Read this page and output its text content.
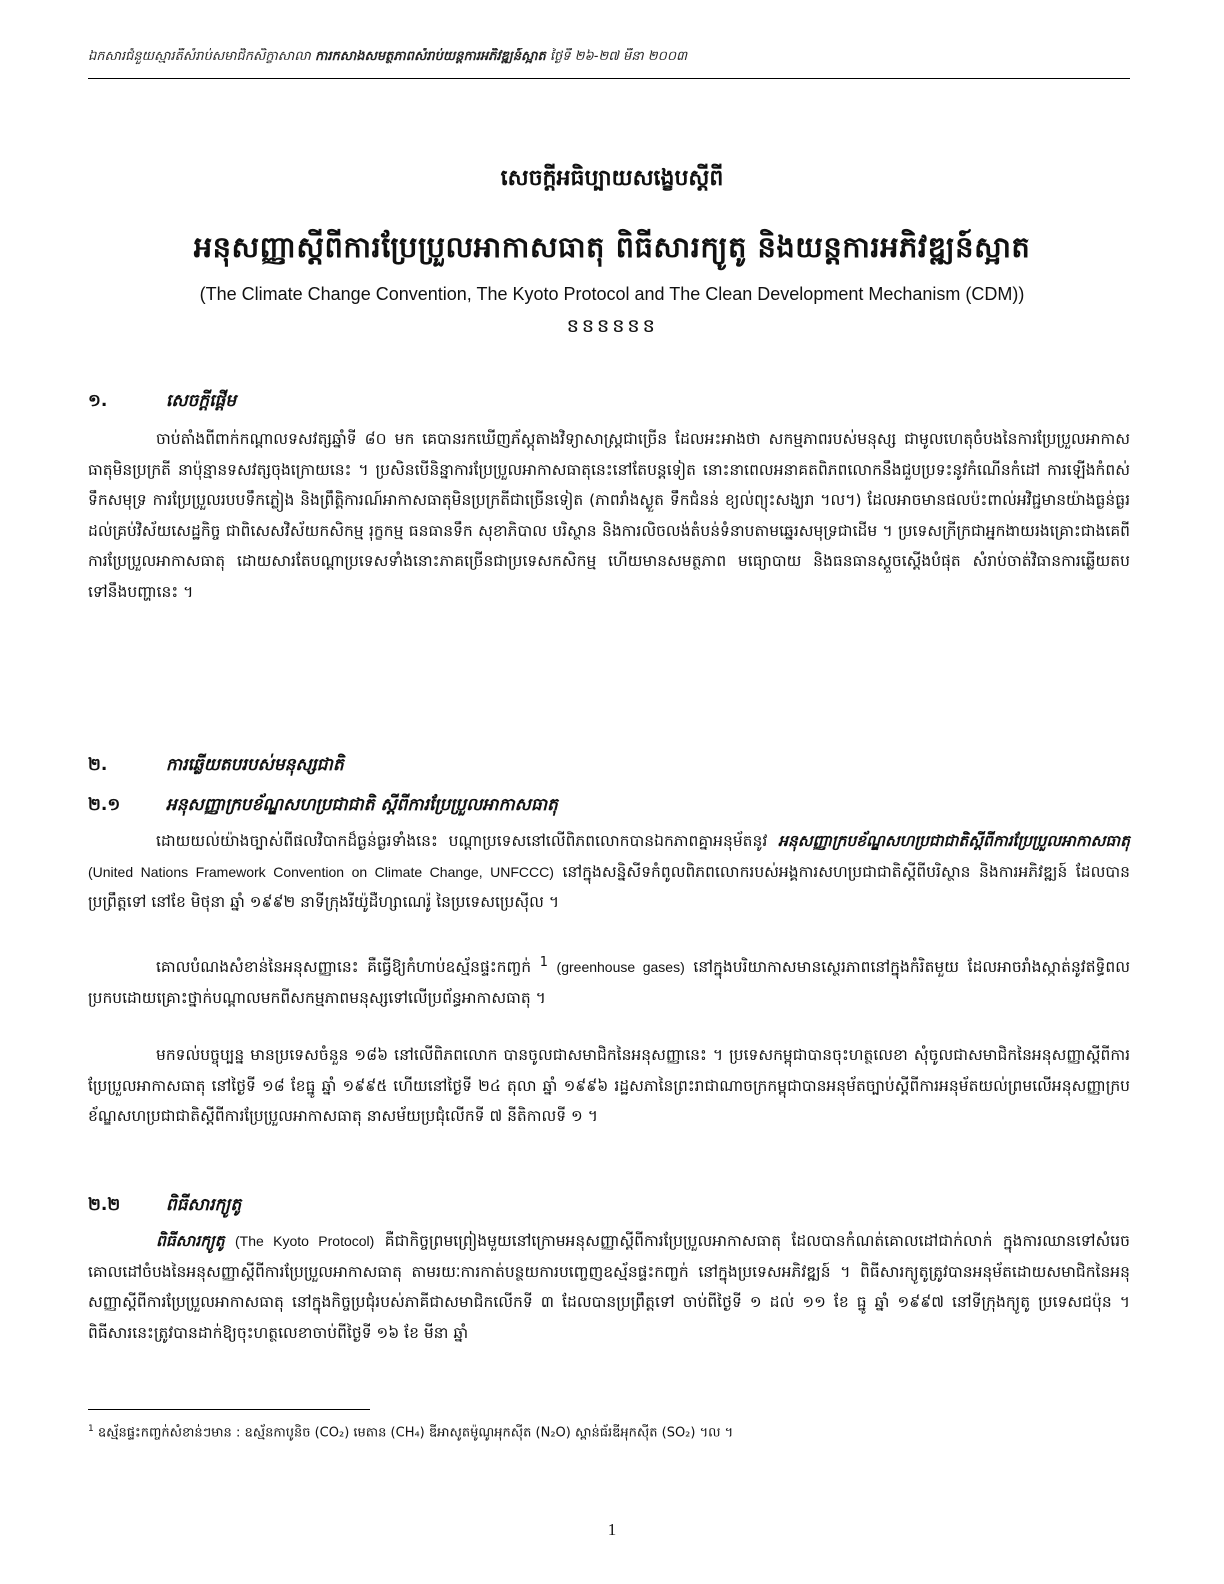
ឯកសារជំនួយស្មារតីសំរាប់សមាជិកសិក្ខាសាលា ការកសាងសមត្ថភាពសំរាប់យន្តការអភិវឌ្ឍន៍ស្អាត ថ្ងៃទី ២៦-២៧ មីនា ២០០៣
សេចក្តីអធិប្បាយសង្ខេបស្តីពី
អនុសញ្ញាស្តីពីការប្រែប្រួលអាកាសធាតុ ពិធីសារក្យូតូ និងយន្តការអភិវឌ្ឍន៍ស្អាត
(The Climate Change Convention, The Kyoto Protocol and The Clean Development Mechanism (CDM))
ៜៜៜៜៜៜ
១.	សេចក្តីផ្តើម
ចាប់តាំងពីពាក់កណ្តាលទសវត្សឆ្នាំទី ៨០ មក គេបានរកឃើញភ័ស្តុតាងវិទ្យាសាស្ត្រជាច្រើន ដែលអះអាងថា សកម្មភាពរបស់មនុស្ស ជាមូលហេតុចំបងនៃការប្រែប្រួលអាកាសធាតុមិនប្រក្រតី នាប៉ុន្មានទសវត្សចុងក្រោយនេះ ។ ប្រសិនបើនិន្នាការប្រែប្រួលអាកាសធាតុនេះនៅតែបន្តទៀត នោះនាពេលអនាគតពិភពលោកនឹងជួបប្រទះនូវកំណើនកំដៅ ការឡើងកំពស់ទឹកសមុទ្រ ការប្រែប្រួលរបបទឹកភ្លៀង និងព្រឹត្តិការណ៍អាកាសធាតុមិនប្រក្រតីជាច្រើនទៀត (ភាពរាំងស្ងួត ទឹកជំនន់ ខ្យល់ព្យុះសង្ឃរា ។ល។) ដែលអាចមានផលប៉ះពាល់អវិជ្ជមានយ៉ាងធ្ងន់ធ្ងរដល់គ្រប់វិស័យសេដ្ឋកិច្ច ជាពិសេសវិស័យកសិកម្ម រុក្ខកម្ម ធនធានទឹក សុខាភិបាល បរិស្ថាន និងការលិចលង់តំបន់ទំនាបតាមឆ្នេរសមុទ្រជាដើម ។ ប្រទេសក្រីក្រជាអ្នកងាយរងគ្រោះជាងគេពីការប្រែប្រួលអាកាសធាតុ ដោយសារតែបណ្តាប្រទេសទាំងនោះភាគច្រើនជាប្រទេសកសិកម្ម ហើយមានសមត្ថភាព មធ្យោបាយ និងធនធានស្តួចស្តើងបំផុត សំរាប់ចាត់វិធានការឆ្លើយតបទៅនឹងបញ្ហានេះ ។
២.	ការឆ្លើយតបរបស់មនុស្សជាតិ
២.១	អនុសញ្ញាក្របខ័ណ្ឌសហប្រជាជាតិ ស្តីពីការប្រែប្រួលអាកាសធាតុ
ដោយយល់យ៉ាងច្បាស់ពីផលវិបាកដ៏ធ្ងន់ធ្ងរទាំងនេះ បណ្តាប្រទេសនៅលើពិភពលោកបានឯកភាពគ្នាអនុម័តនូវ អនុសញ្ញាក្របខ័ណ្ឌសហប្រជាជាតិស្តីពីការប្រែប្រួលអាកាសធាតុ (United Nations Framework Convention on Climate Change, UNFCCC) នៅក្នុងសន្និសីទកំពូលពិភពលោករបស់អង្គការសហប្រជាជាតិស្តីពីបរិស្ថាន និងការអភិវឌ្ឍន៍ ដែលបានប្រព្រឹត្តទៅ នៅខែ មិថុនា ឆ្នាំ ១៩៩២ នាទីក្រុងរីយ៉ូដឺហ្សាណេរ៉ូ នៃប្រទេសប្រេស៊ីល ។
គោលបំណងសំខាន់នៃអនុសញ្ញានេះ គឺធ្វើឱ្យកំហាប់ឧស្ម័នផ្ទះកញ្ចក់ $^1$ (greenhouse gases) នៅក្នុងបរិយាកាសមានស្ថេរភាពនៅក្នុងកំរិតមួយ ដែលអាចរាំងស្កាត់នូវឥទ្ធិពលប្រកបដោយគ្រោះថ្នាក់បណ្តាលមកពីសកម្មភាពមនុស្សទៅលើប្រព័ន្ធអាកាសធាតុ ។
មកទល់បច្ចុប្បន្ន មានប្រទេសចំនួន ១៨៦ នៅលើពិភពលោក បានចូលជាសមាជិកនៃអនុសញ្ញានេះ ។ ប្រទេសកម្ពុជាបានចុះហត្ថលេខា សុំចូលជាសមាជិកនៃអនុសញ្ញាស្តីពីការប្រែប្រួលអាកាសធាតុ នៅថ្ងៃទី ១៨ ខែធ្នូ ឆ្នាំ ១៩៩៥ ហើយនៅថ្ងៃទី ២៤ តុលា ឆ្នាំ ១៩៩៦ រដ្ឋសភានៃព្រះរាជាណាចក្រកម្ពុជាបានអនុម័តច្បាប់ស្តីពីការអនុម័តយល់ព្រមលើអនុសញ្ញាក្របខ័ណ្ឌសហប្រជាជាតិស្តីពីការប្រែប្រួលអាកាសធាតុ នាសម័យប្រជុំលើកទី ៧ នីតិកាលទី ១ ។
២.២	ពិធីសារក្យូតូ
ពិធីសារក្យូតូ (The Kyoto Protocol) គឺជាកិច្ចព្រមព្រៀងមួយនៅក្រោមអនុសញ្ញាស្តីពីការប្រែប្រួលអាកាសធាតុ ដែលបានកំណត់គោលដៅជាក់លាក់ ក្នុងការឈានទៅសំរេចគោលដៅចំបងនៃអនុសញ្ញាស្តីពីការប្រែប្រួលអាកាសធាតុ តាមរយៈការកាត់បន្ថយការបញ្ចេញឧស្ម័នផ្ទះកញ្ចក់ នៅក្នុងប្រទេសអភិវឌ្ឍន៍ ។ ពិធីសារក្យូតូត្រូវបានអនុម័តដោយសមាជិកនៃអនុសញ្ញាស្តីពីការប្រែប្រួលអាកាសធាតុ នៅក្នុងកិច្ចប្រជុំរបស់ភាគីជាសមាជិកលើកទី ៣ ដែលបានប្រព្រឹត្តទៅ ចាប់ពីថ្ងៃទី ១ ដល់ ១១ ខែ ធ្នូ ឆ្នាំ ១៩៩៧ នៅទីក្រុងក្យូតូ ប្រទេសជប៉ុន ។ ពិធីសារនេះត្រូវបានដាក់ឱ្យចុះហត្ថលេខាចាប់ពីថ្ងៃទី ១៦ ខែ មីនា ឆ្នាំ
$^1$ ឧស្ម័នផ្ទះកញ្ចក់សំខាន់ៗមាន : ឧស្ម័នកាបូនិច (CO₂) មេតាន (CH₄) ឌីអាសូតម៉ូណូអុកស៊ីត (N₂O) ស្ពាន់ធ័រឌីអុកស៊ីត (SO₂) ។ល ។
1
